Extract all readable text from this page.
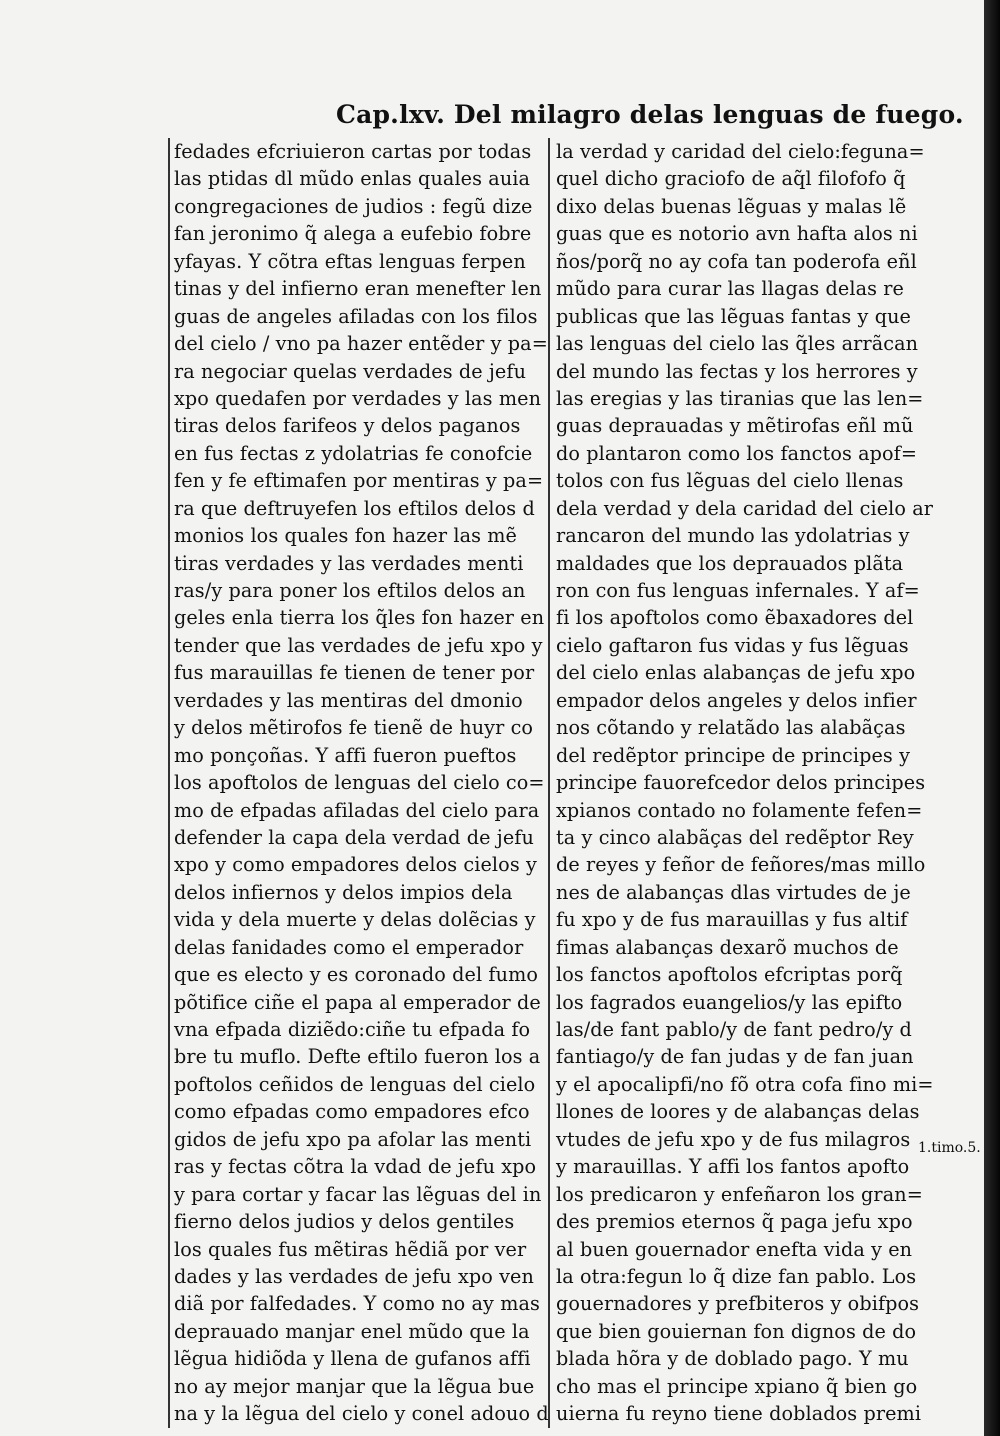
Cap.lxv. Del milagro delas lenguas de fuego.
fedades efcriuieron cartas por todas
las ptidas dl mũdo enlas quales auia
congregaciones de judios : fegũ dize
fan jeronimo q̃ alega a eufebio fobre
yfayas. Y cõtra eftas lenguas ferpen
tinas y del infierno eran menefter len
guas de angeles afiladas con los filos
del cielo / vno pa hazer entẽder y pa=
ra negociar quelas verdades de jefu
xpo quedafen por verdades y las men
tiras delos farifeos y delos paganos
en fus fectas z ydolatrias fe conofcie
fen y fe eftimafen por mentiras y pa=
ra que deftruyefen los eftilos delos d
monios los quales fon hazer las mẽ
tiras verdades y las verdades menti
ras/y para poner los eftilos delos an
geles enla tierra los q̃les fon hazer en
tender que las verdades de jefu xpo y
fus marauillas fe tienen de tener por
verdades y las mentiras del dmonio
y delos mẽtirofos fe tienẽ de huyr co
mo ponçoñas. Y affi fueron pueftos
los apoftolos de lenguas del cielo co=
mo de efpadas afiladas del cielo para
defender la capa dela verdad de jefu
xpo y como empadores delos cielos y
delos infiernos y delos impios dela
vida y dela muerte y delas dolẽcias y
delas fanidades como el emperador
que es electo y es coronado del fumo
põtifice ciñe el papa al emperador de
vna efpada diziẽdo:ciñe tu efpada fo
bre tu muflo. Defte eftilo fueron los a
poftolos ceñidos de lenguas del cielo
como efpadas como empadores efco
gidos de jefu xpo pa afolar las menti
ras y fectas cõtra la vdad de jefu xpo
y para cortar y facar las lẽguas del in
fierno delos judios y delos gentiles
los quales fus mẽtiras hẽdiã por ver
dades y las verdades de jefu xpo ven
diã por falfedades. Y como no ay mas
deprauado manjar enel mũdo que la
lẽgua hidiõda y llena de gufanos affi
no ay mejor manjar que la lẽgua bue
na y la lẽgua del cielo y conel adouo d
la verdad y caridad del cielo:feguna=
quel dicho graciofo de aq̃l filofofo q̃
dixo delas buenas lẽguas y malas lẽ
guas que es notorio avn hafta alos ni
ños/porq̃ no ay cofa tan poderofa eñl
mũdo para curar las llagas delas re
publicas que las lẽguas fantas y que
las lenguas del cielo las q̃les arrãcan
del mundo las fectas y los herrores y
las eregias y las tiranias que las len=
guas deprauadas y mẽtirofas eñl mũ
do plantaron como los fanctos apof=
tolos con fus lẽguas del cielo llenas
dela verdad y dela caridad del cielo ar
rancaron del mundo las ydolatrias y
maldades que los deprauados plãta
ron con fus lenguas infernales. Y af=
fi los apoftolos como ẽbaxadores del
cielo gaftaron fus vidas y fus lẽguas
del cielo enlas alabanças de jefu xpo
empador delos angeles y delos infier
nos cõtando y relatãdo las alabãças
del redẽptor principe de principes y
principe fauorefcedor delos principes
xpianos contado no folamente fefen=
ta y cinco alabãças del redẽptor Rey
de reyes y feñor de feñores/mas millo
nes de alabanças dlas virtudes de je
fu xpo y de fus marauillas y fus altif
fimas alabanças dexarõ muchos de
los fanctos apoftolos efcriptas porq̃
los fagrados euangelios/y las epifto
las/de fant pablo/y de fant pedro/y d
fantiago/y de fan judas y de fan juan
y el apocalipfi/no fõ otra cofa fino mi=
llones de loores y de alabanças delas
vtudes de jefu xpo y de fus milagros
y marauillas. Y affi los fantos apofto
los predicaron y enfeñaron los gran=
des premios eternos q̃ paga jefu xpo
al buen gouernador enefta vida y en
la otra:fegun lo q̃ dize fan pablo. Los
gouernadores y prefbiteros y obifpos
que bien gouiernan fon dignos de do
blada hõra y de doblado pago. Y mu
cho mas el principe xpiano q̃ bien go
uierna fu reyno tiene doblados premi
1.timo.5.
